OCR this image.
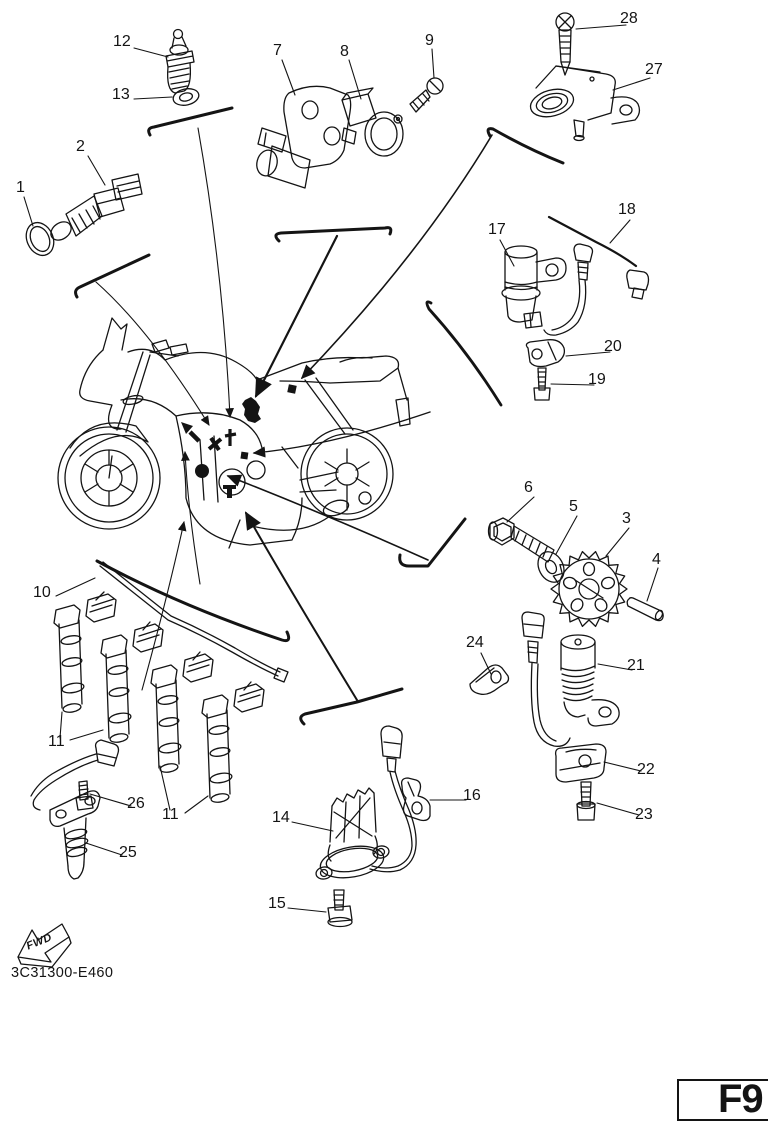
1
2
3
4
5
6
7	8
9
10
11
11
12
13
14
15
16
17
18
19
20
21
22
23
24
25
26
27
28
FWD
3C31300-E460
F9
